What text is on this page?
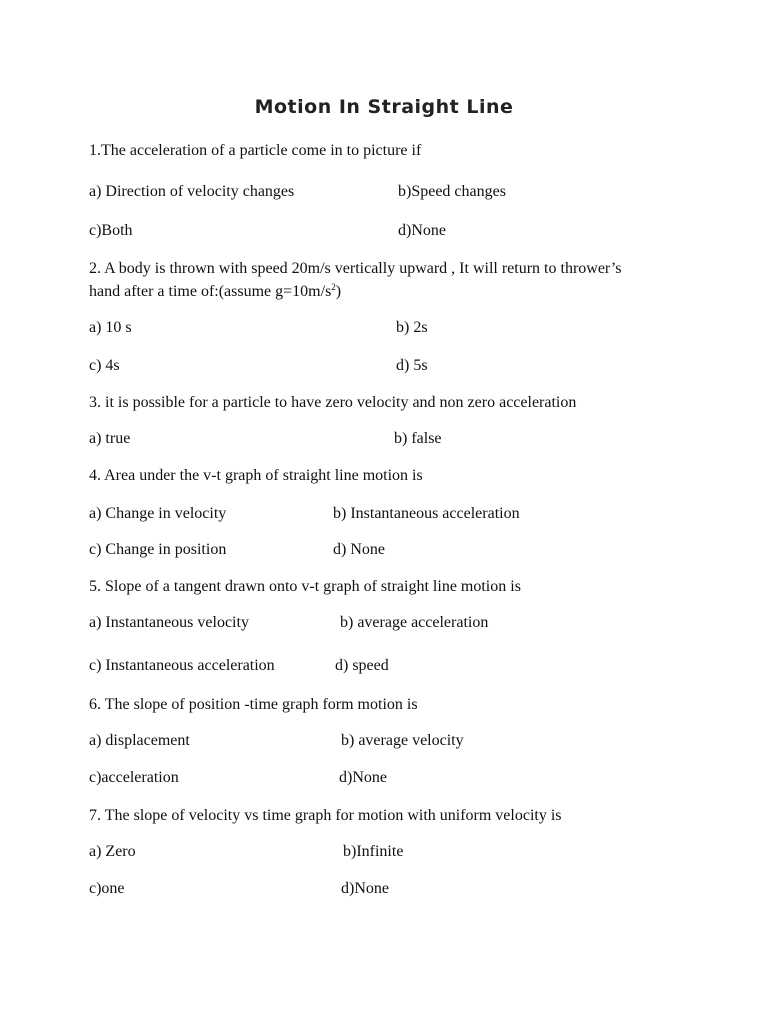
Motion In Straight Line
1.The acceleration of a particle come in to picture if
a) Direction of velocity changes	b)Speed changes
c)Both	d)None
2. A body is thrown with speed 20m/s vertically upward , It will return to thrower’s
hand after a time of:(assume $g=10m/s^2$)
a) 10 s	b) 2s
c) 4s	d) 5s
3. it is possible for a particle to have zero velocity and non zero acceleration
a) true	b) false
4. Area under the v-t graph of straight line motion is
a) Change in velocity	b) Instantaneous acceleration
c) Change in position	d) None
5. Slope of a tangent drawn onto v-t graph of straight line motion is
a) Instantaneous velocity	b) average acceleration
c) Instantaneous acceleration	d) speed
6. The slope of position -time graph form motion is
a) displacement	b) average velocity
c)acceleration	d)None
7. The slope of velocity vs time graph for motion with uniform velocity is
a) Zero	b)Infinite
c)one	d)None
